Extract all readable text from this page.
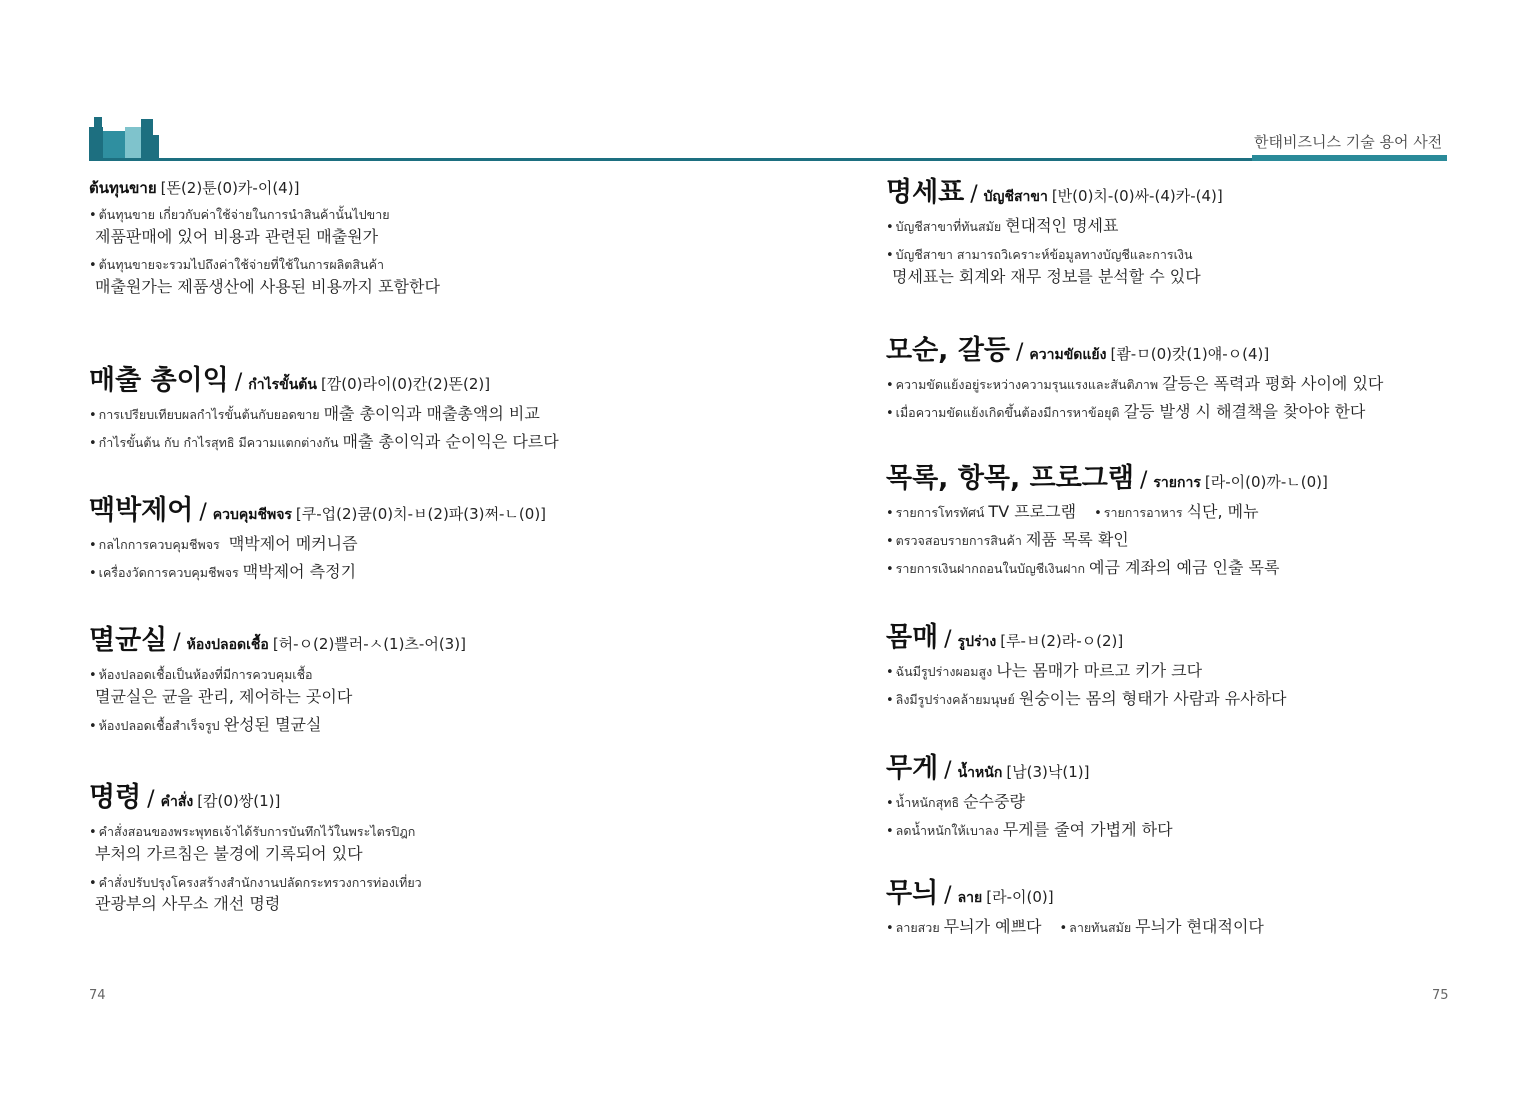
한태비즈니스 기술 용어 사전
ต้นทุนขาย [똔(2)툰(0)카-이(4)]
• ต้นทุนขาย เกี่ยวกับค่าใช้จ่ายในการนำสินค้านั้นไปขาย
제품판매에 있어 비용과 관련된 매출원가
• ต้นทุนขายจะรวมไปถึงค่าใช้จ่ายที่ใช้ในการผลิตสินค้า
매출원가는 제품생산에 사용된 비용까지 포함한다
매출 총이익 / กำไรขั้นต้น [깜(0)라이(0)칸(2)똔(2)]
• การเปรียบเทียบผลกำไรขั้นต้นกับยอดขาย 매출 총이익과 매출총액의 비교
• กำไรขั้นต้น กับ กำไรสุทธิ มีความแตกต่างกัน 매출 총이익과 순이익은 다르다
맥박제어 / ควบคุมชีพจร [쿠-업(2)쿰(0)치-ㅂ(2)파(3)쩌-ㄴ(0)]
• กลไกการควบคุมชีพจร 맥박제어 메커니즘
• เครื่องวัดการควบคุมชีพจร 맥박제어 측정기
멸균실 / ห้องปลอดเชื้อ [허-ㅇ(2)쁠러-ㅅ(1)츠-어(3)]
• ห้องปลอดเชื้อเป็นห้องที่มีการควบคุมเชื้อ
멸균실은 균을 관리, 제어하는 곳이다
• ห้องปลอดเชื้อสำเร็จรูป 완성된 멸균실
명령 / คำสั่ง [캄(0)쌍(1)]
• คำสั่งสอนของพระพุทธเจ้าได้รับการบันทึกไว้ในพระไตรปิฎก
부처의 가르침은 불경에 기록되어 있다
• คำสั่งปรับปรุงโครงสร้างสำนักงานปลัดกระทรวงการท่องเที่ยว
관광부의 사무소 개선 명령
명세표 / บัญชีสาขา [반(0)치-(0)싸-(4)카-(4)]
• บัญชีสาขาที่ทันสมัย 현대적인 명세표
• บัญชีสาขา สามารถวิเคราะห์ข้อมูลทางบัญชีและการเงิน
명세표는 회계와 재무 정보를 분석할 수 있다
모순, 갈등 / ความขัดแย้ง [쾀-ㅁ(0)캇(1)얘-ㅇ(4)]
• ความขัดแย้งอยู่ระหว่างความรุนแรงและสันติภาพ 갈등은 폭력과 평화 사이에 있다
• เมื่อความขัดแย้งเกิดขึ้นต้องมีการหาข้อยุติ 갈등 발생 시 해결책을 찾아야 한다
목록, 항목, 프로그램 / รายการ [라-이(0)까-ㄴ(0)]
• รายการโทรทัศน์ TV 프로그램 • รายการอาหาร 식단, 메뉴
• ตรวจสอบรายการสินค้า 제품 목록 확인
• รายการเงินฝากถอนในบัญชีเงินฝาก 예금 계좌의 예금 인출 목록
몸매 / รูปร่าง [루-ㅂ(2)라-ㅇ(2)]
• ฉันมีรูปร่างผอมสูง 나는 몸매가 마르고 키가 크다
• ลิงมีรูปร่างคล้ายมนุษย์ 원숭이는 몸의 형태가 사람과 유사하다
무게 / น้ำหนัก [남(3)낙(1)]
• น้ำหนักสุทธิ 순수중량
• ลดน้ำหนักให้เบาลง 무게를 줄여 가볍게 하다
무늬 / ลาย [라-이(0)]
• ลายสวย 무늬가 예쁘다 • ลายทันสมัย 무늬가 현대적이다
74	75
